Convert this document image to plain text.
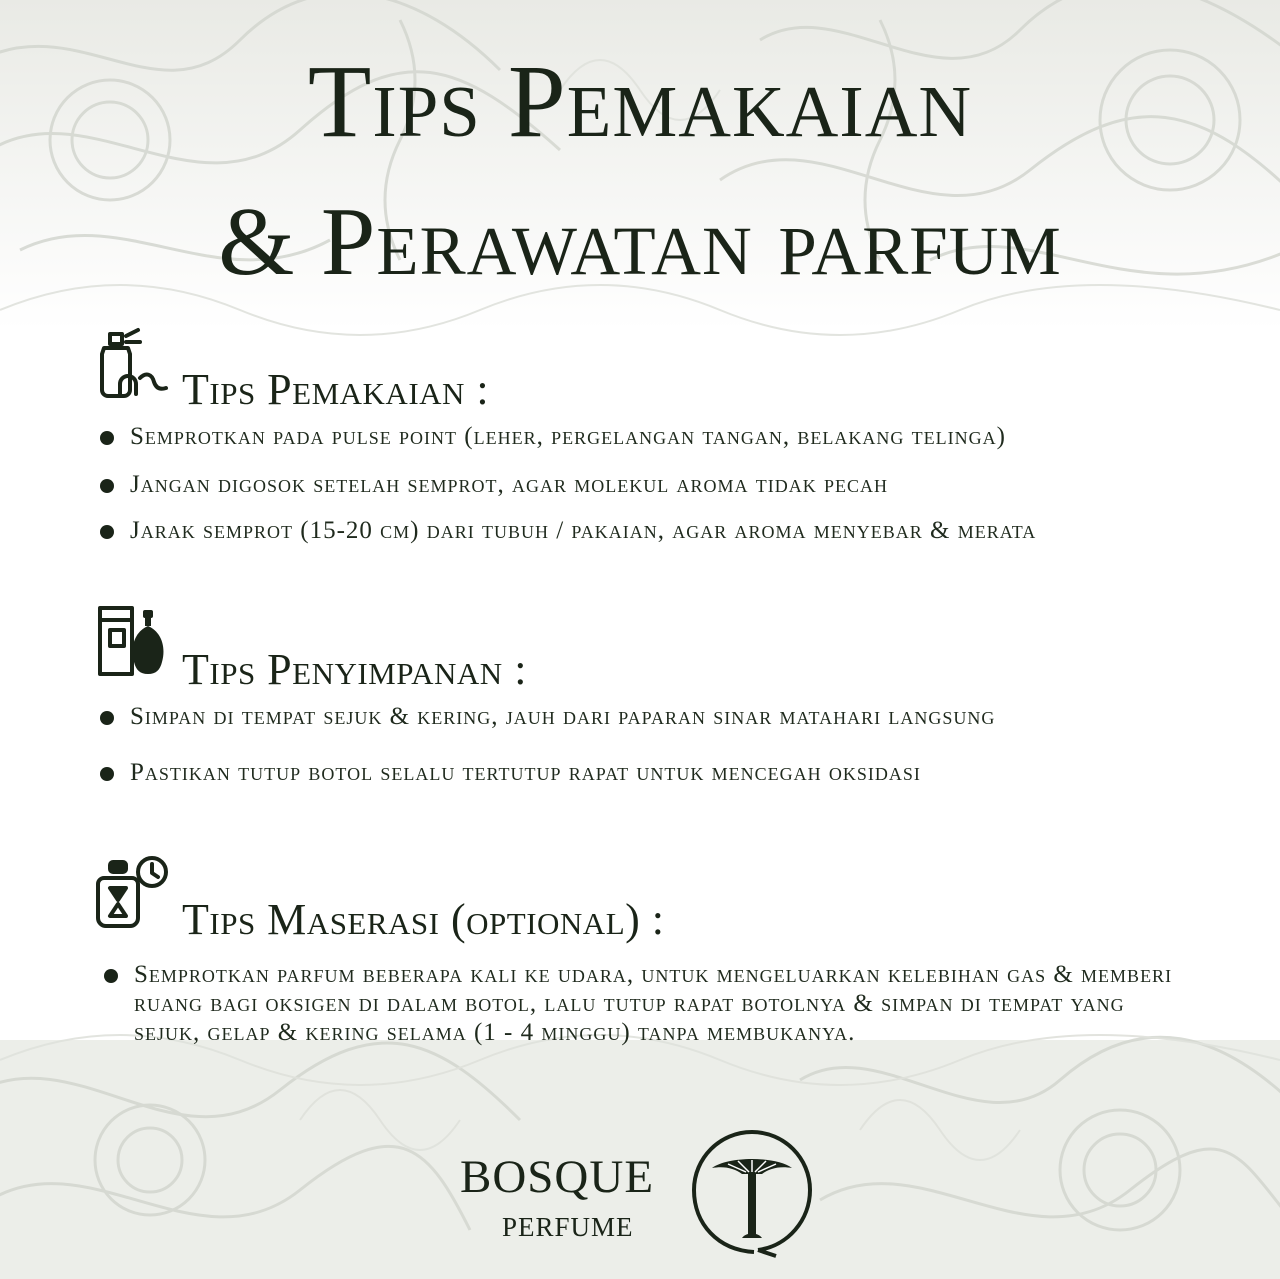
Tips Pemakaian
& Perawatan parfum
Tips Pemakaian :
Semprotkan pada pulse point (leher, pergelangan tangan, belakang telinga)
Jangan digosok setelah semprot, agar molekul aroma tidak pecah
Jarak semprot (15-20 cm) dari tubuh / pakaian, agar aroma menyebar & merata
Tips Penyimpanan :
Simpan di tempat sejuk & kering, jauh dari paparan sinar matahari langsung
Pastikan tutup botol selalu tertutup rapat untuk mencegah oksidasi
Tips Maserasi (optional) :
Semprotkan parfum beberapa kali ke udara, untuk mengeluarkan kelebihan gas & memberi ruang bagi oksigen di dalam botol, lalu tutup rapat botolnya & simpan di tempat yang sejuk, gelap & kering selama (1 - 4 minggu) tanpa membukanya.
BOSQUE
PERFUME
